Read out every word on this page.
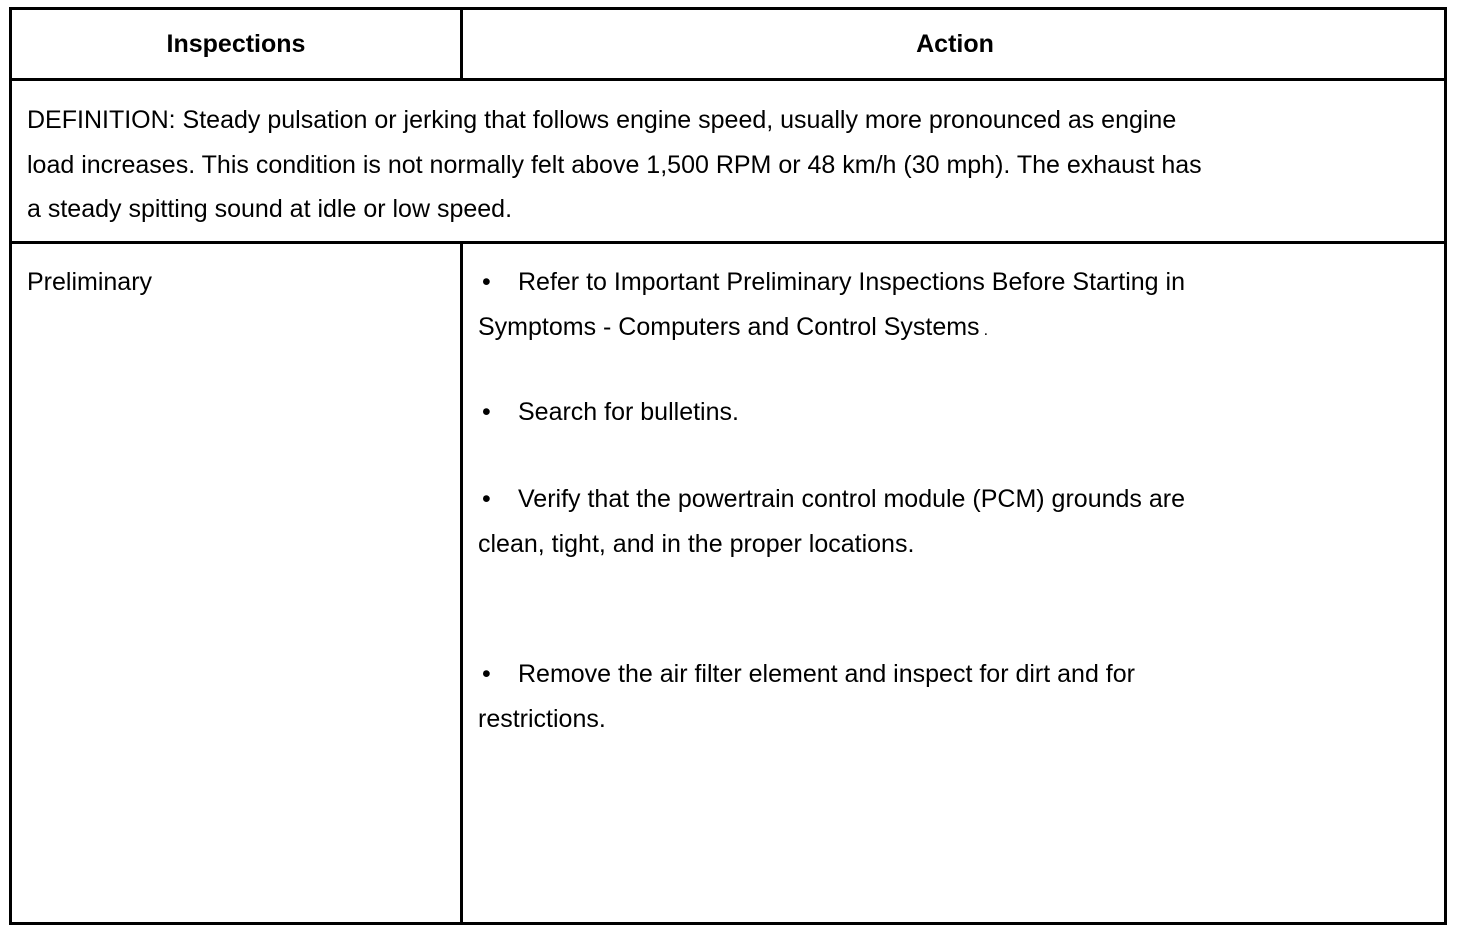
Inspections	Action
DEFINITION: Steady pulsation or jerking that follows engine speed, usually more pronounced as engine
load increases. This condition is not normally felt above 1,500 RPM or 48 km/h (30 mph). The exhaust has
a steady spitting sound at idle or low speed.
Preliminary	• Refer to Important Preliminary Inspections Before Starting in
Symptoms - Computers and Control Systems .
• Search for bulletins.
• Verify that the powertrain control module (PCM) grounds are
clean, tight, and in the proper locations.
• Remove the air filter element and inspect for dirt and for
restrictions.
